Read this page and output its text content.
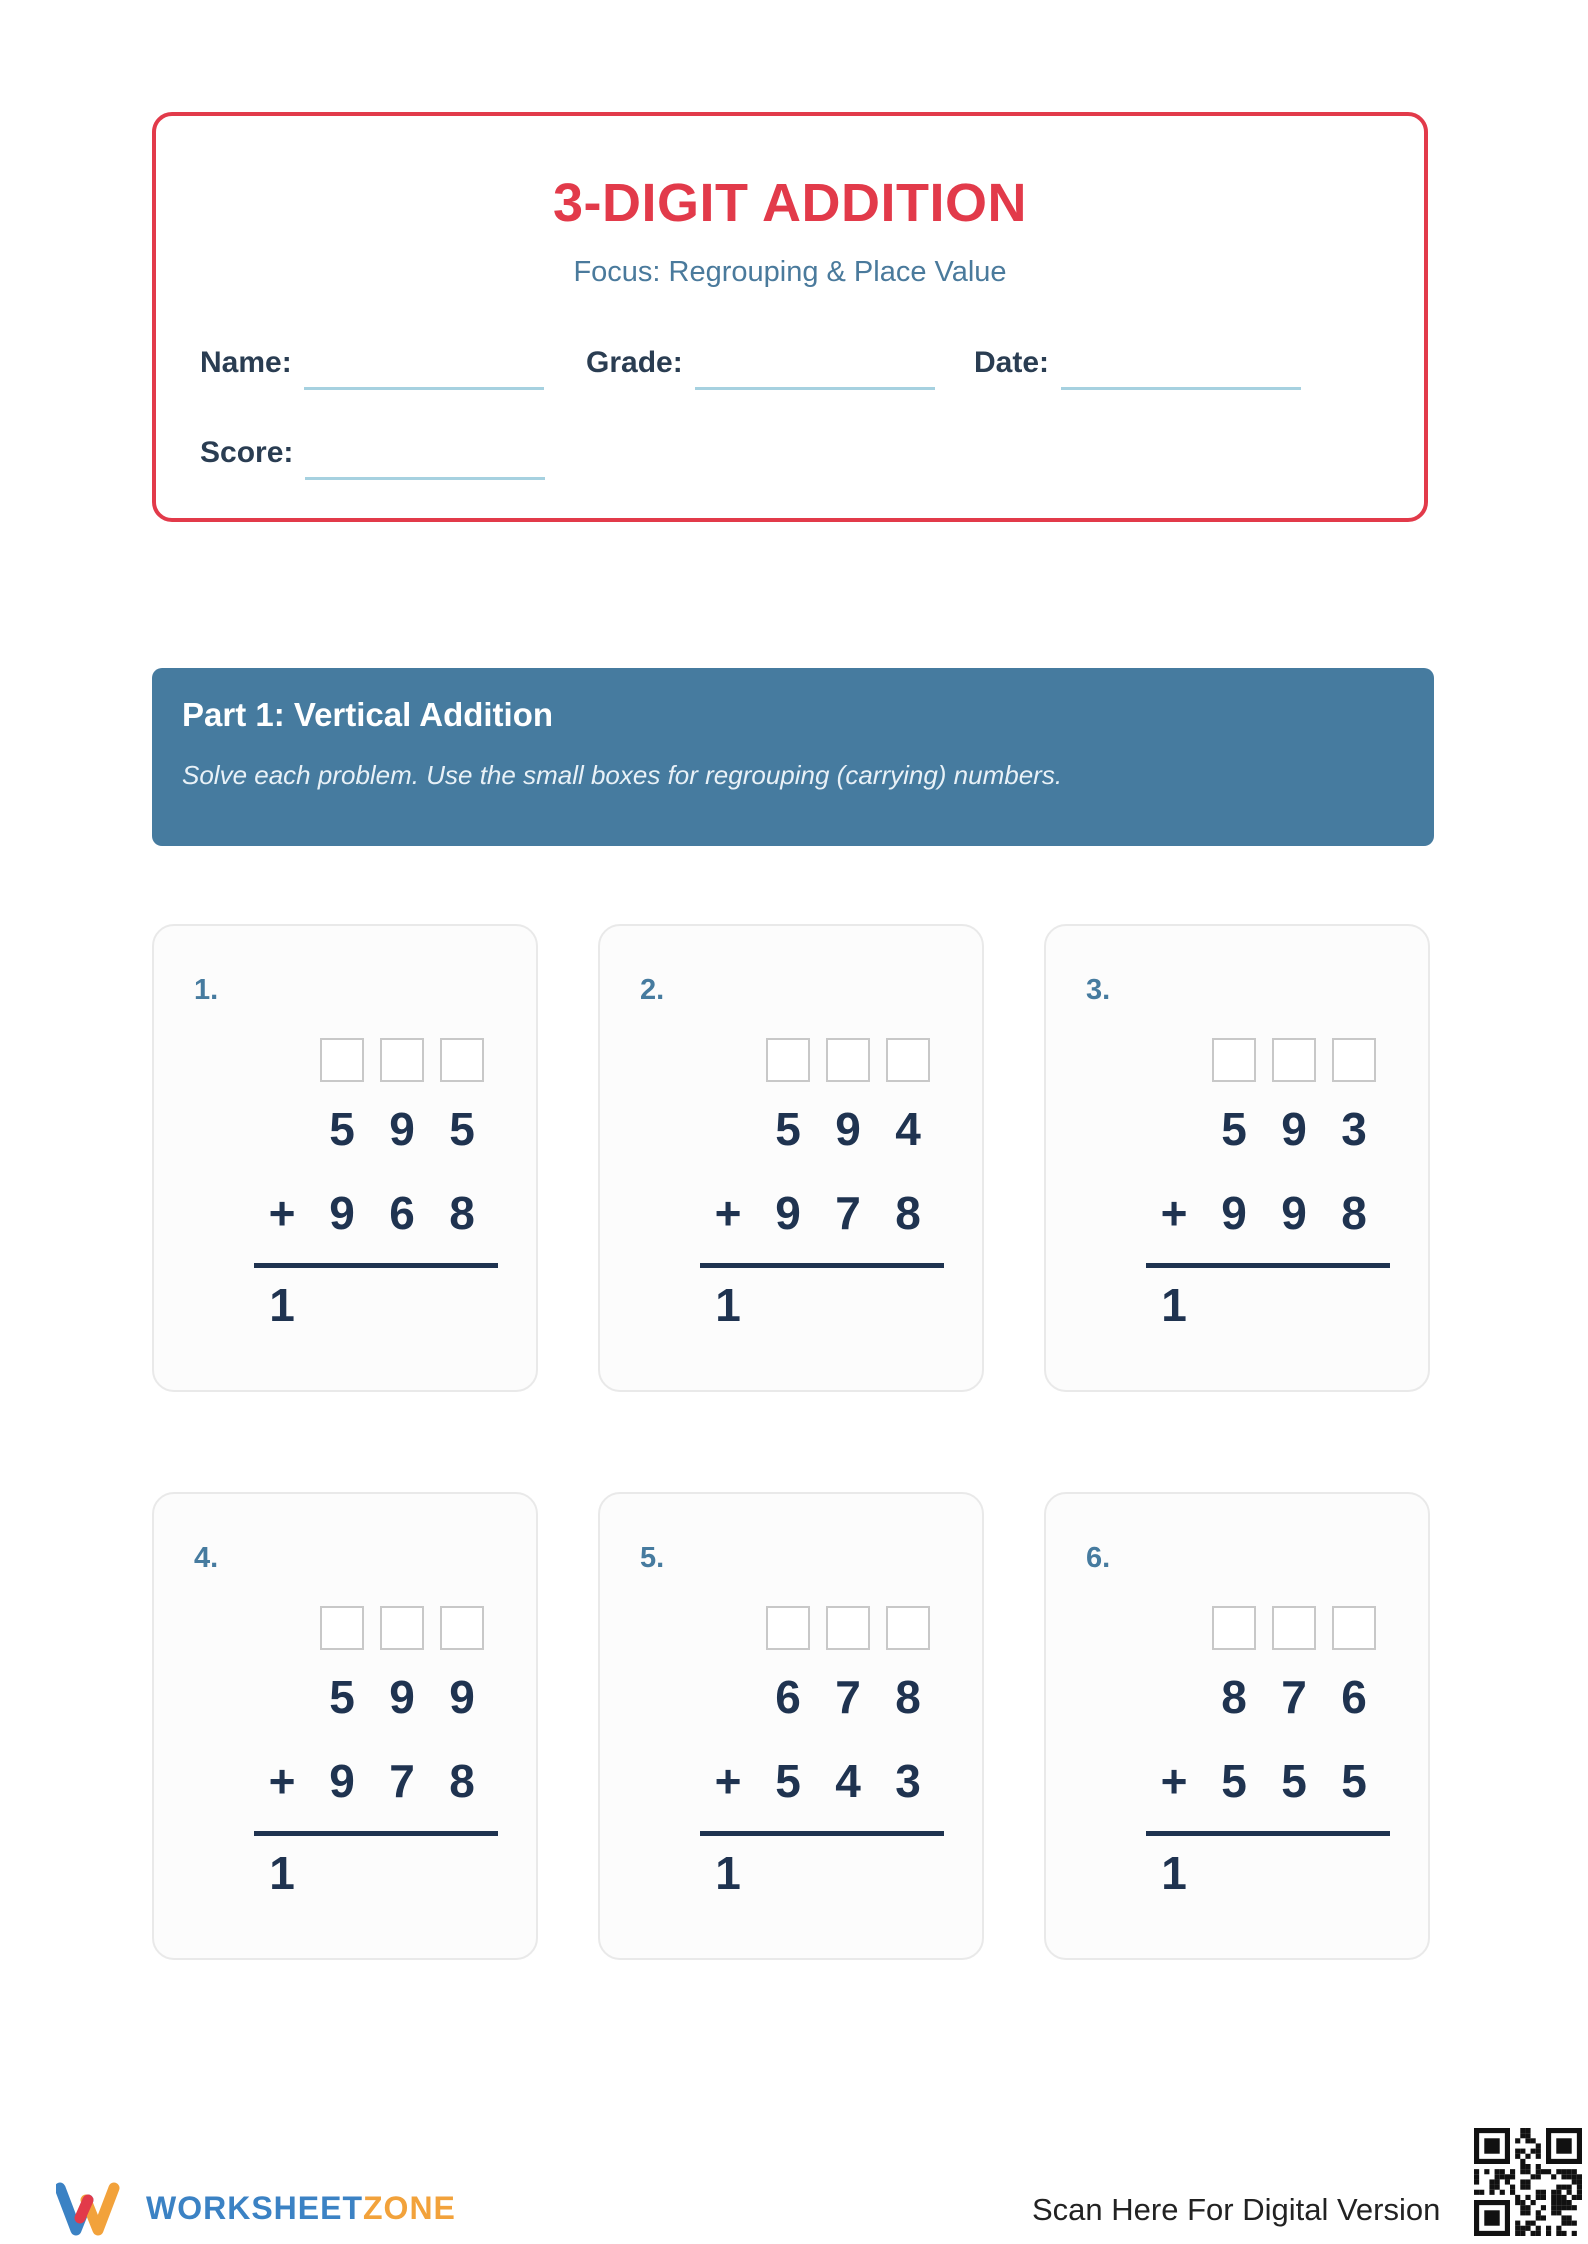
3-DIGIT ADDITION
Focus: Regrouping & Place Value
Name:	Grade:	Date:
Score:
Part 1: Vertical Addition
Solve each problem. Use the small boxes for regrouping (carrying) numbers.
1.
5 9 5
+ 9 6 8
1
2.
5 9 4
+ 9 7 8
1
3.
5 9 3
+ 9 9 8
1
4.
5 9 9
+ 9 7 8
1
5.
6 7 8
+ 5 4 3
1
6.
8 7 6
+ 5 5 5
1
WORKSHEETZONE	Scan Here For Digital Version
